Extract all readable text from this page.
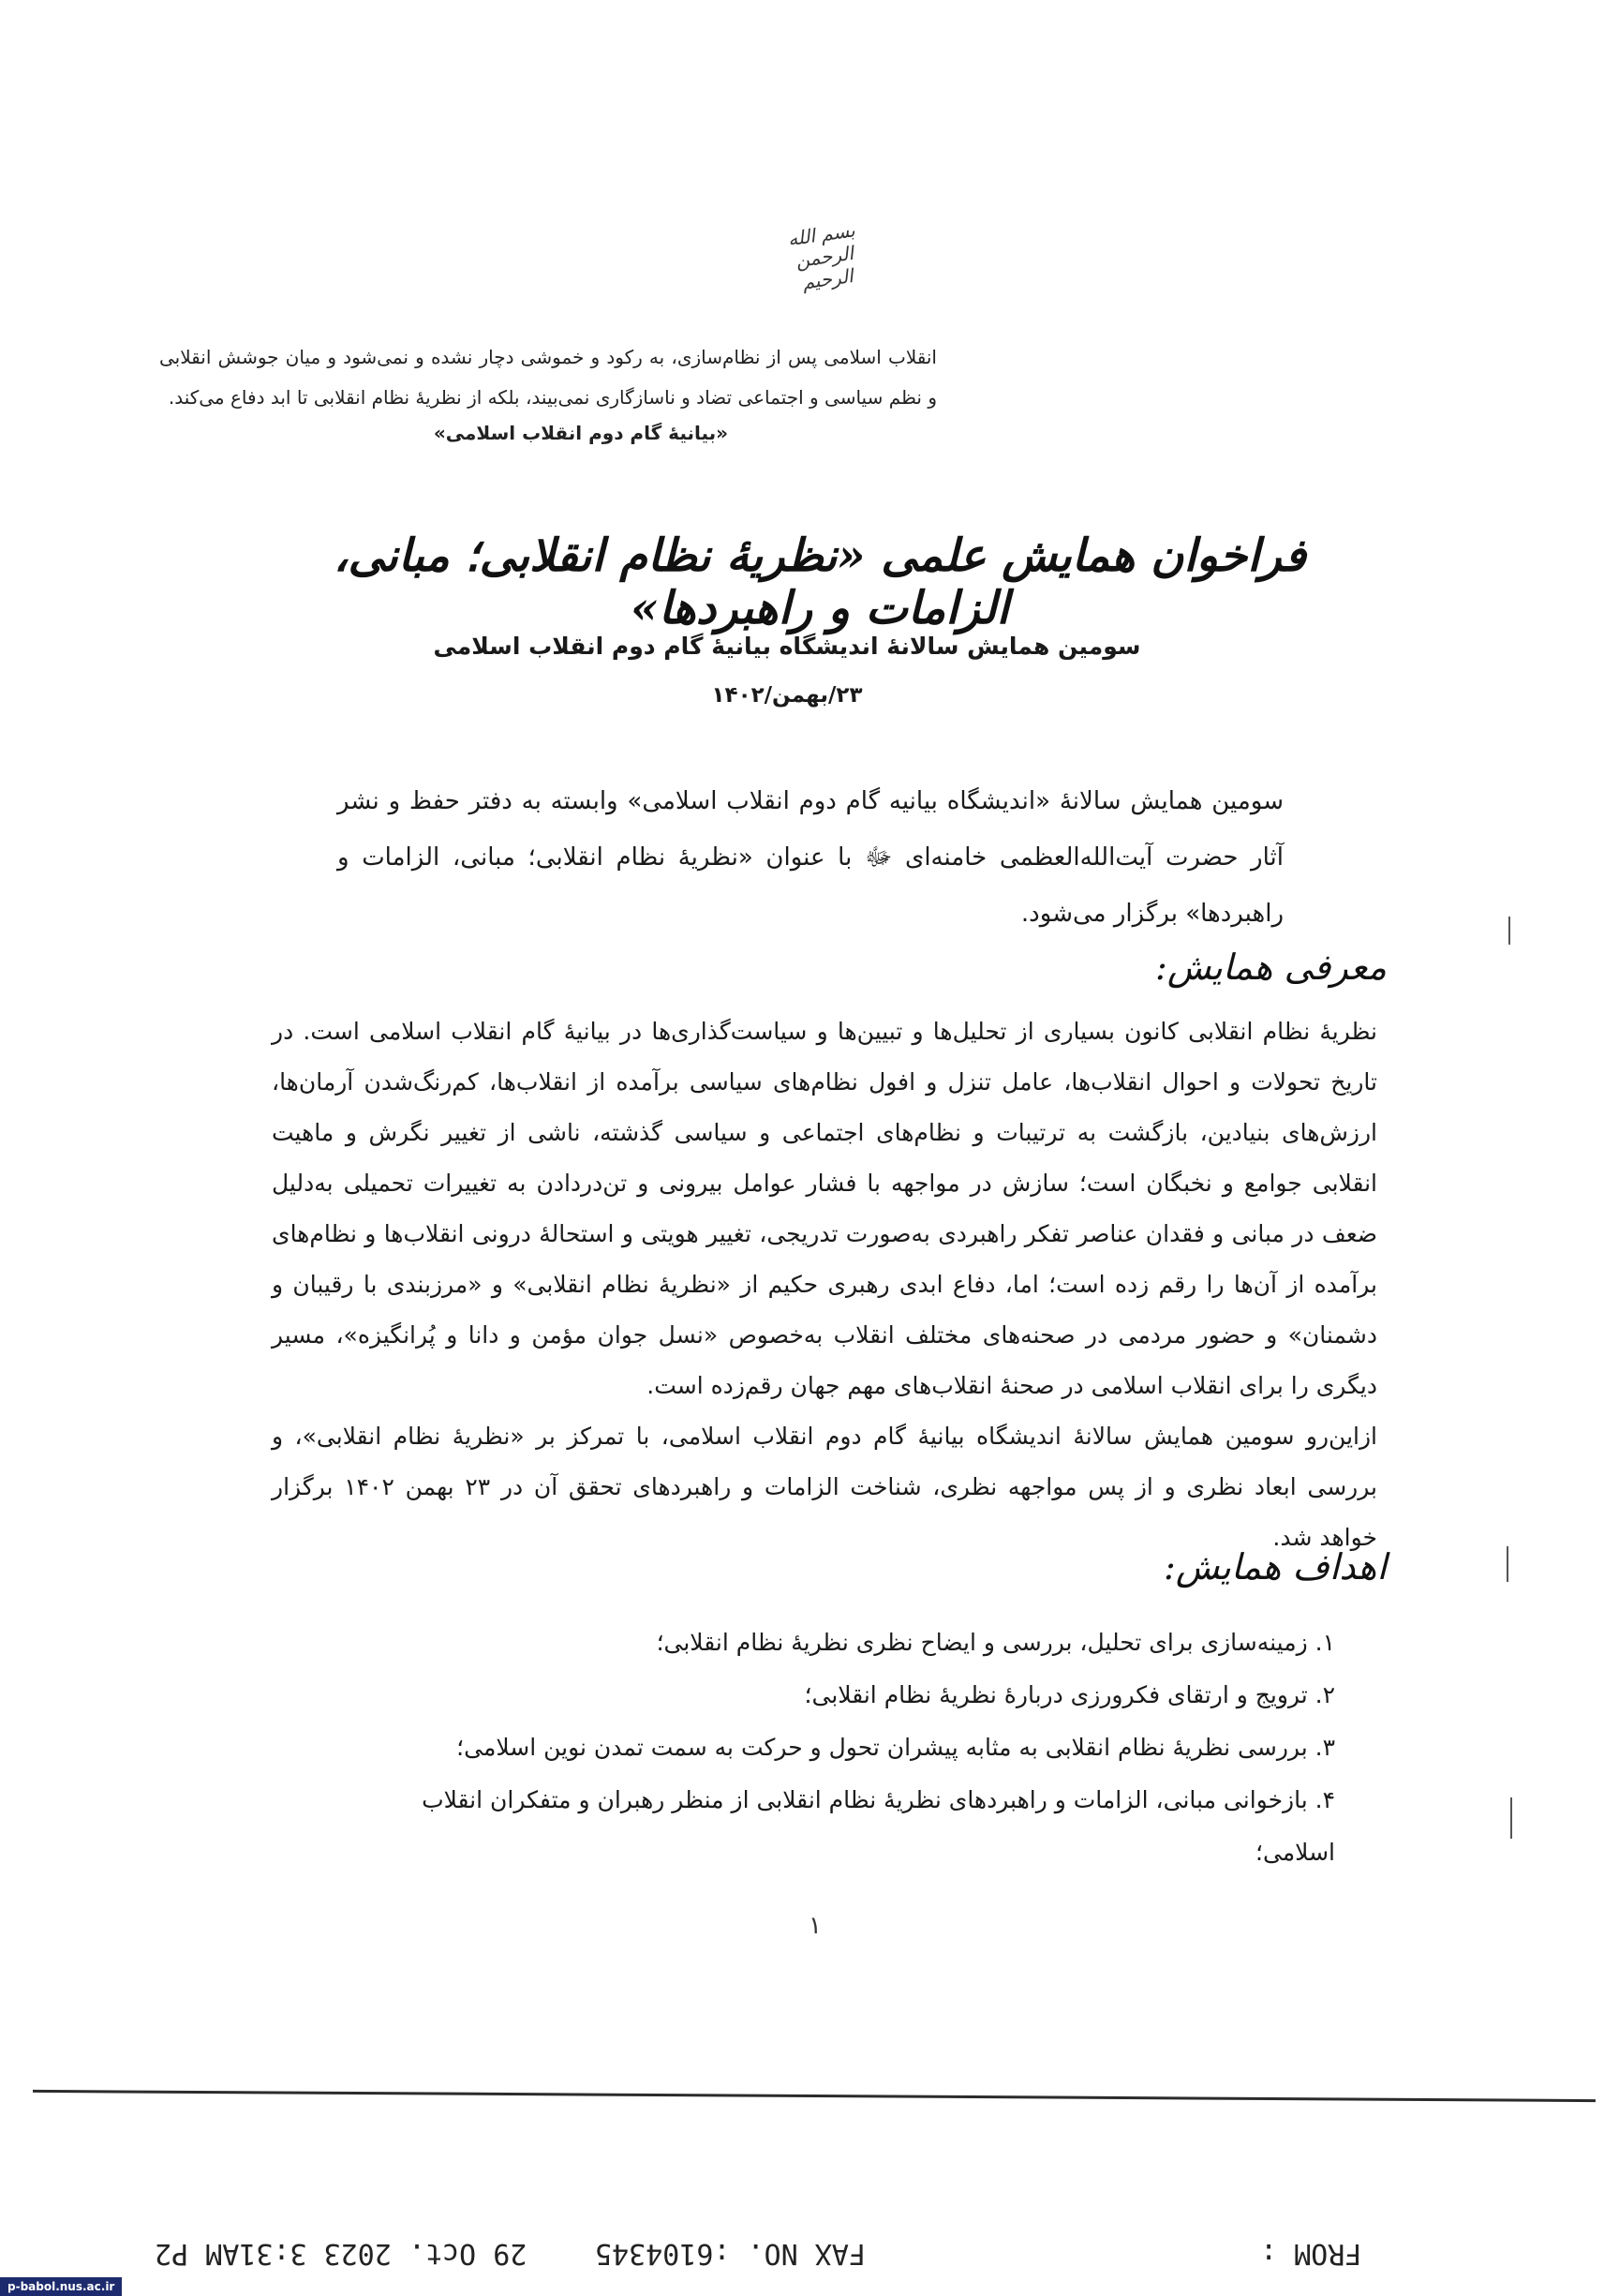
بسم الله الرحمن الرحیم
انقلاب اسلامی پس از نظام‌سازی، به رکود و خموشی دچار نشده و نمی‌شود و میان جوشش انقلابی و نظم سیاسی و اجتماعی تضاد و ناسازگاری نمی‌بیند، بلکه از نظریهٔ نظام انقلابی تا ابد دفاع می‌کند.
«بیانیهٔ گام دوم انقلاب اسلامی»
فراخوان همایش علمی «نظریهٔ نظام انقلابی؛ مبانی، الزامات و راهبردها»
سومین همایش سالانهٔ اندیشگاه بیانیهٔ گام دوم انقلاب اسلامی
۲۳/بهمن/۱۴۰۲
سومین همایش سالانهٔ «اندیشگاه بیانیه گام دوم انقلاب اسلامی» وابسته به دفتر حفظ و نشر آثار حضرت آیت‌الله‌العظمی خامنه‌ای ﷻ با عنوان «نظریهٔ نظام انقلابی؛ مبانی، الزامات و راهبردها» برگزار می‌شود.
معرفی همایش:

نظریهٔ نظام انقلابی کانون بسیاری از تحلیل‌ها و تبیین‌ها و سیاست‌گذاری‌ها در بیانیهٔ گام انقلاب اسلامی است. در تاریخ تحولات و احوال انقلاب‌ها، عامل تنزل و افول نظام‌های سیاسی برآمده از انقلاب‌ها، کم‌رنگ‌شدن آرمان‌ها، ارزش‌های بنیادین، بازگشت به ترتیبات و نظام‌های اجتماعی و سیاسی گذشته، ناشی از تغییر نگرش و ماهیت انقلابی جوامع و نخبگان است؛ سازش در مواجهه با فشار عوامل بیرونی و تن‌دردادن به تغییرات تحمیلی به‌دلیل ضعف در مبانی و فقدان عناصر تفکر راهبردی به‌صورت تدریجی، تغییر هویتی و استحالهٔ درونی انقلاب‌ها و نظام‌های برآمده از آن‌ها را رقم زده است؛ اما، دفاع ابدی رهبری حکیم از «نظریهٔ نظام انقلابی» و «مرزبندی با رقیبان و دشمنان» و حضور مردمی در صحنه‌های مختلف انقلاب به‌خصوص «نسل جوان مؤمن و دانا و پُرانگیزه»، مسیر دیگری را برای انقلاب اسلامی در صحنهٔ انقلاب‌های مهم جهان رقم‌زده است.

ازاین‌رو سومین همایش سالانهٔ اندیشگاه بیانیهٔ گام دوم انقلاب اسلامی، با تمرکز بر «نظریهٔ نظام انقلابی»، و بررسی ابعاد نظری و از پس مواجهه نظری، شناخت الزامات و راهبردهای تحقق آن در ۲۳ بهمن ۱۴۰۲ برگزار خواهد شد.

اهداف همایش:
۱. زمینه‌سازی برای تحلیل، بررسی و ایضاح نظری نظریهٔ نظام انقلابی؛
۲. ترویج و ارتقای فکرورزی دربارهٔ نظریهٔ نظام انقلابی؛
۳. بررسی نظریهٔ نظام انقلابی به مثابه پیشران تحول و حرکت به سمت تمدن نوین اسلامی؛
۴. بازخوانی مبانی، الزامات و راهبردهای نظریهٔ نظام انقلابی از منظر رهبران و متفکران انقلاب اسلامی؛
۱
FROM :
FAX NO. :6104345
29 Oct. 2023 3:31AM P2
p-babol.nus.ac.ir
